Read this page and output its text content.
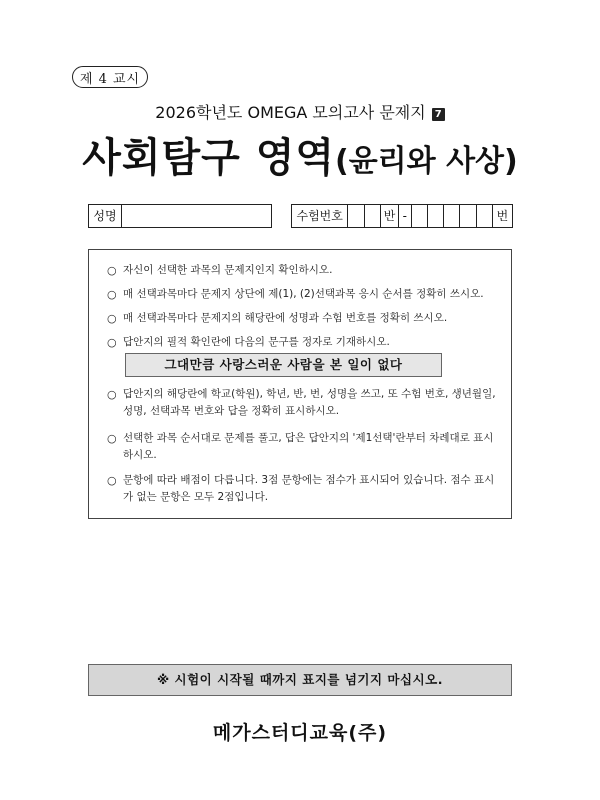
제 4 교시
2026학년도 OMEGA 모의고사 문제지 7
사회탐구 영역(윤리와 사상)
성명	수험번호	반 -	번
○ 자신이 선택한 과목의 문제지인지 확인하시오.
○ 매 선택과목마다 문제지 상단에 제(1), (2)선택과목 응시 순서를 정확히 쓰시오.
○ 매 선택과목마다 문제지의 해당란에 성명과 수험 번호를 정확히 쓰시오.
○ 답안지의 필적 확인란에 다음의 문구를 정자로 기재하시오.
그대만큼 사랑스러운 사람을 본 일이 없다
○ 답안지의 해당란에 학교(학원), 학년, 반, 번, 성명을 쓰고, 또 수험 번호, 생년월일, 성명, 선택과목 번호와 답을 정확히 표시하시오.
○ 선택한 과목 순서대로 문제를 풀고, 답은 답안지의 '제1선택'란부터 차례대로 표시하시오.
○ 문항에 따라 배점이 다릅니다. 3점 문항에는 점수가 표시되어 있습니다. 점수 표시가 없는 문항은 모두 2점입니다.
※ 시험이 시작될 때까지 표지를 넘기지 마십시오.
메가스터디교육(주)
